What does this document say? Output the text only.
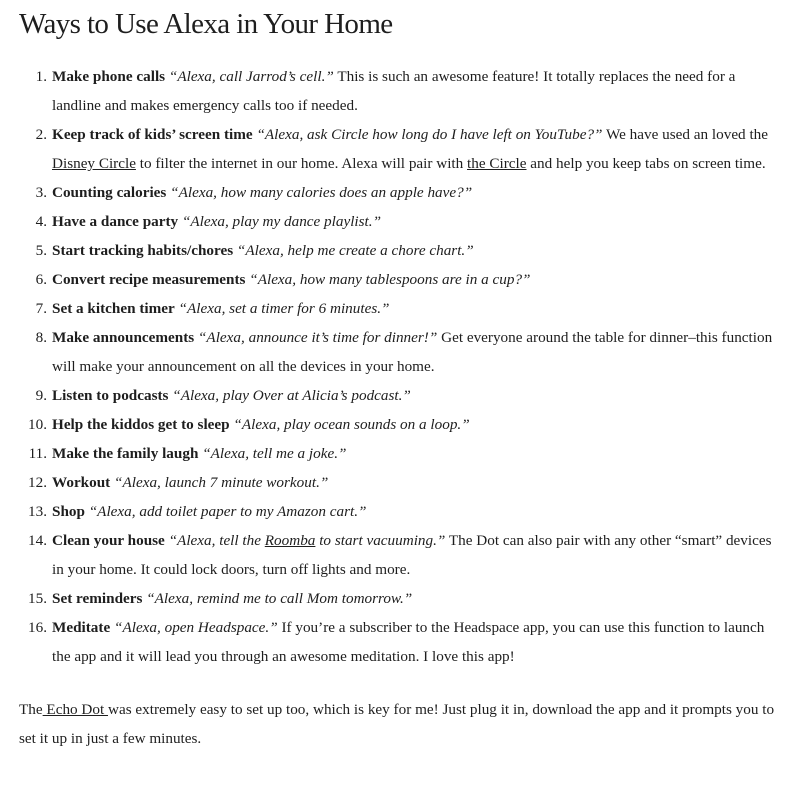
Ways to Use Alexa in Your Home
1. Make phone calls “Alexa, call Jarrod’s cell.” This is such an awesome feature! It totally replaces the need for a landline and makes emergency calls too if needed.
2. Keep track of kids’ screen time “Alexa, ask Circle how long do I have left on YouTube?” We have used an loved the Disney Circle to filter the internet in our home. Alexa will pair with the Circle and help you keep tabs on screen time.
3. Counting calories “Alexa, how many calories does an apple have?”
4. Have a dance party “Alexa, play my dance playlist.”
5. Start tracking habits/chores “Alexa, help me create a chore chart.”
6. Convert recipe measurements “Alexa, how many tablespoons are in a cup?”
7. Set a kitchen timer “Alexa, set a timer for 6 minutes.”
8. Make announcements “Alexa, announce it’s time for dinner!” Get everyone around the table for dinner–this function will make your announcement on all the devices in your home.
9. Listen to podcasts “Alexa, play Over at Alicia’s podcast.”
10. Help the kiddos get to sleep “Alexa, play ocean sounds on a loop.”
11. Make the family laugh “Alexa, tell me a joke.”
12. Workout “Alexa, launch 7 minute workout.”
13. Shop “Alexa, add toilet paper to my Amazon cart.”
14. Clean your house “Alexa, tell the Roomba to start vacuuming.” The Dot can also pair with any other “smart” devices in your home. It could lock doors, turn off lights and more.
15. Set reminders “Alexa, remind me to call Mom tomorrow.”
16. Meditate “Alexa, open Headspace.” If you’re a subscriber to the Headspace app, you can use this function to launch the app and it will lead you through an awesome meditation. I love this app!

The Echo Dot was extremely easy to set up too, which is key for me! Just plug it in, download the app and it prompts you to set it up in just a few minutes.
